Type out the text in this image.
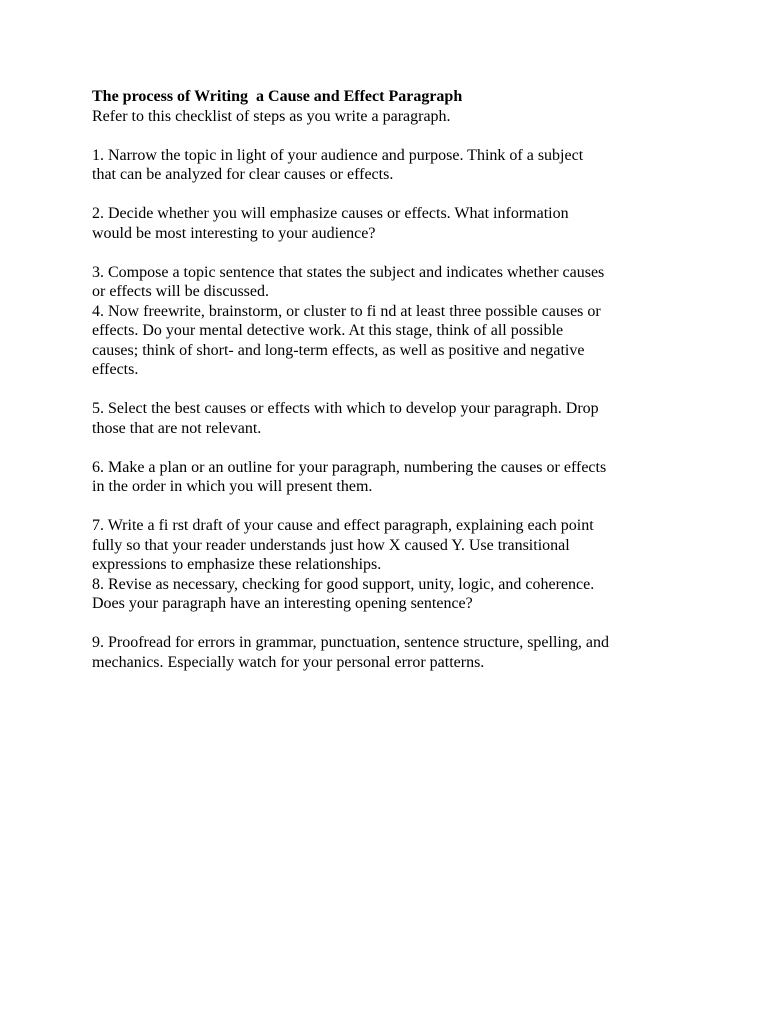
The process of Writing  a Cause and Effect Paragraph
Refer to this checklist of steps as you write a paragraph.
1. Narrow the topic in light of your audience and purpose. Think of a subject
that can be analyzed for clear causes or effects.
2. Decide whether you will emphasize causes or effects. What information
would be most interesting to your audience?
3. Compose a topic sentence that states the subject and indicates whether causes
or effects will be discussed.
4. Now freewrite, brainstorm, or cluster to fi nd at least three possible causes or
effects. Do your mental detective work. At this stage, think of all possible
causes; think of short- and long-term effects, as well as positive and negative
effects.
5. Select the best causes or effects with which to develop your paragraph. Drop
those that are not relevant.
6. Make a plan or an outline for your paragraph, numbering the causes or effects
in the order in which you will present them.
7. Write a fi rst draft of your cause and effect paragraph, explaining each point
fully so that your reader understands just how X caused Y. Use transitional
expressions to emphasize these relationships.
8. Revise as necessary, checking for good support, unity, logic, and coherence.
Does your paragraph have an interesting opening sentence?
9. Proofread for errors in grammar, punctuation, sentence structure, spelling, and
mechanics. Especially watch for your personal error patterns.
